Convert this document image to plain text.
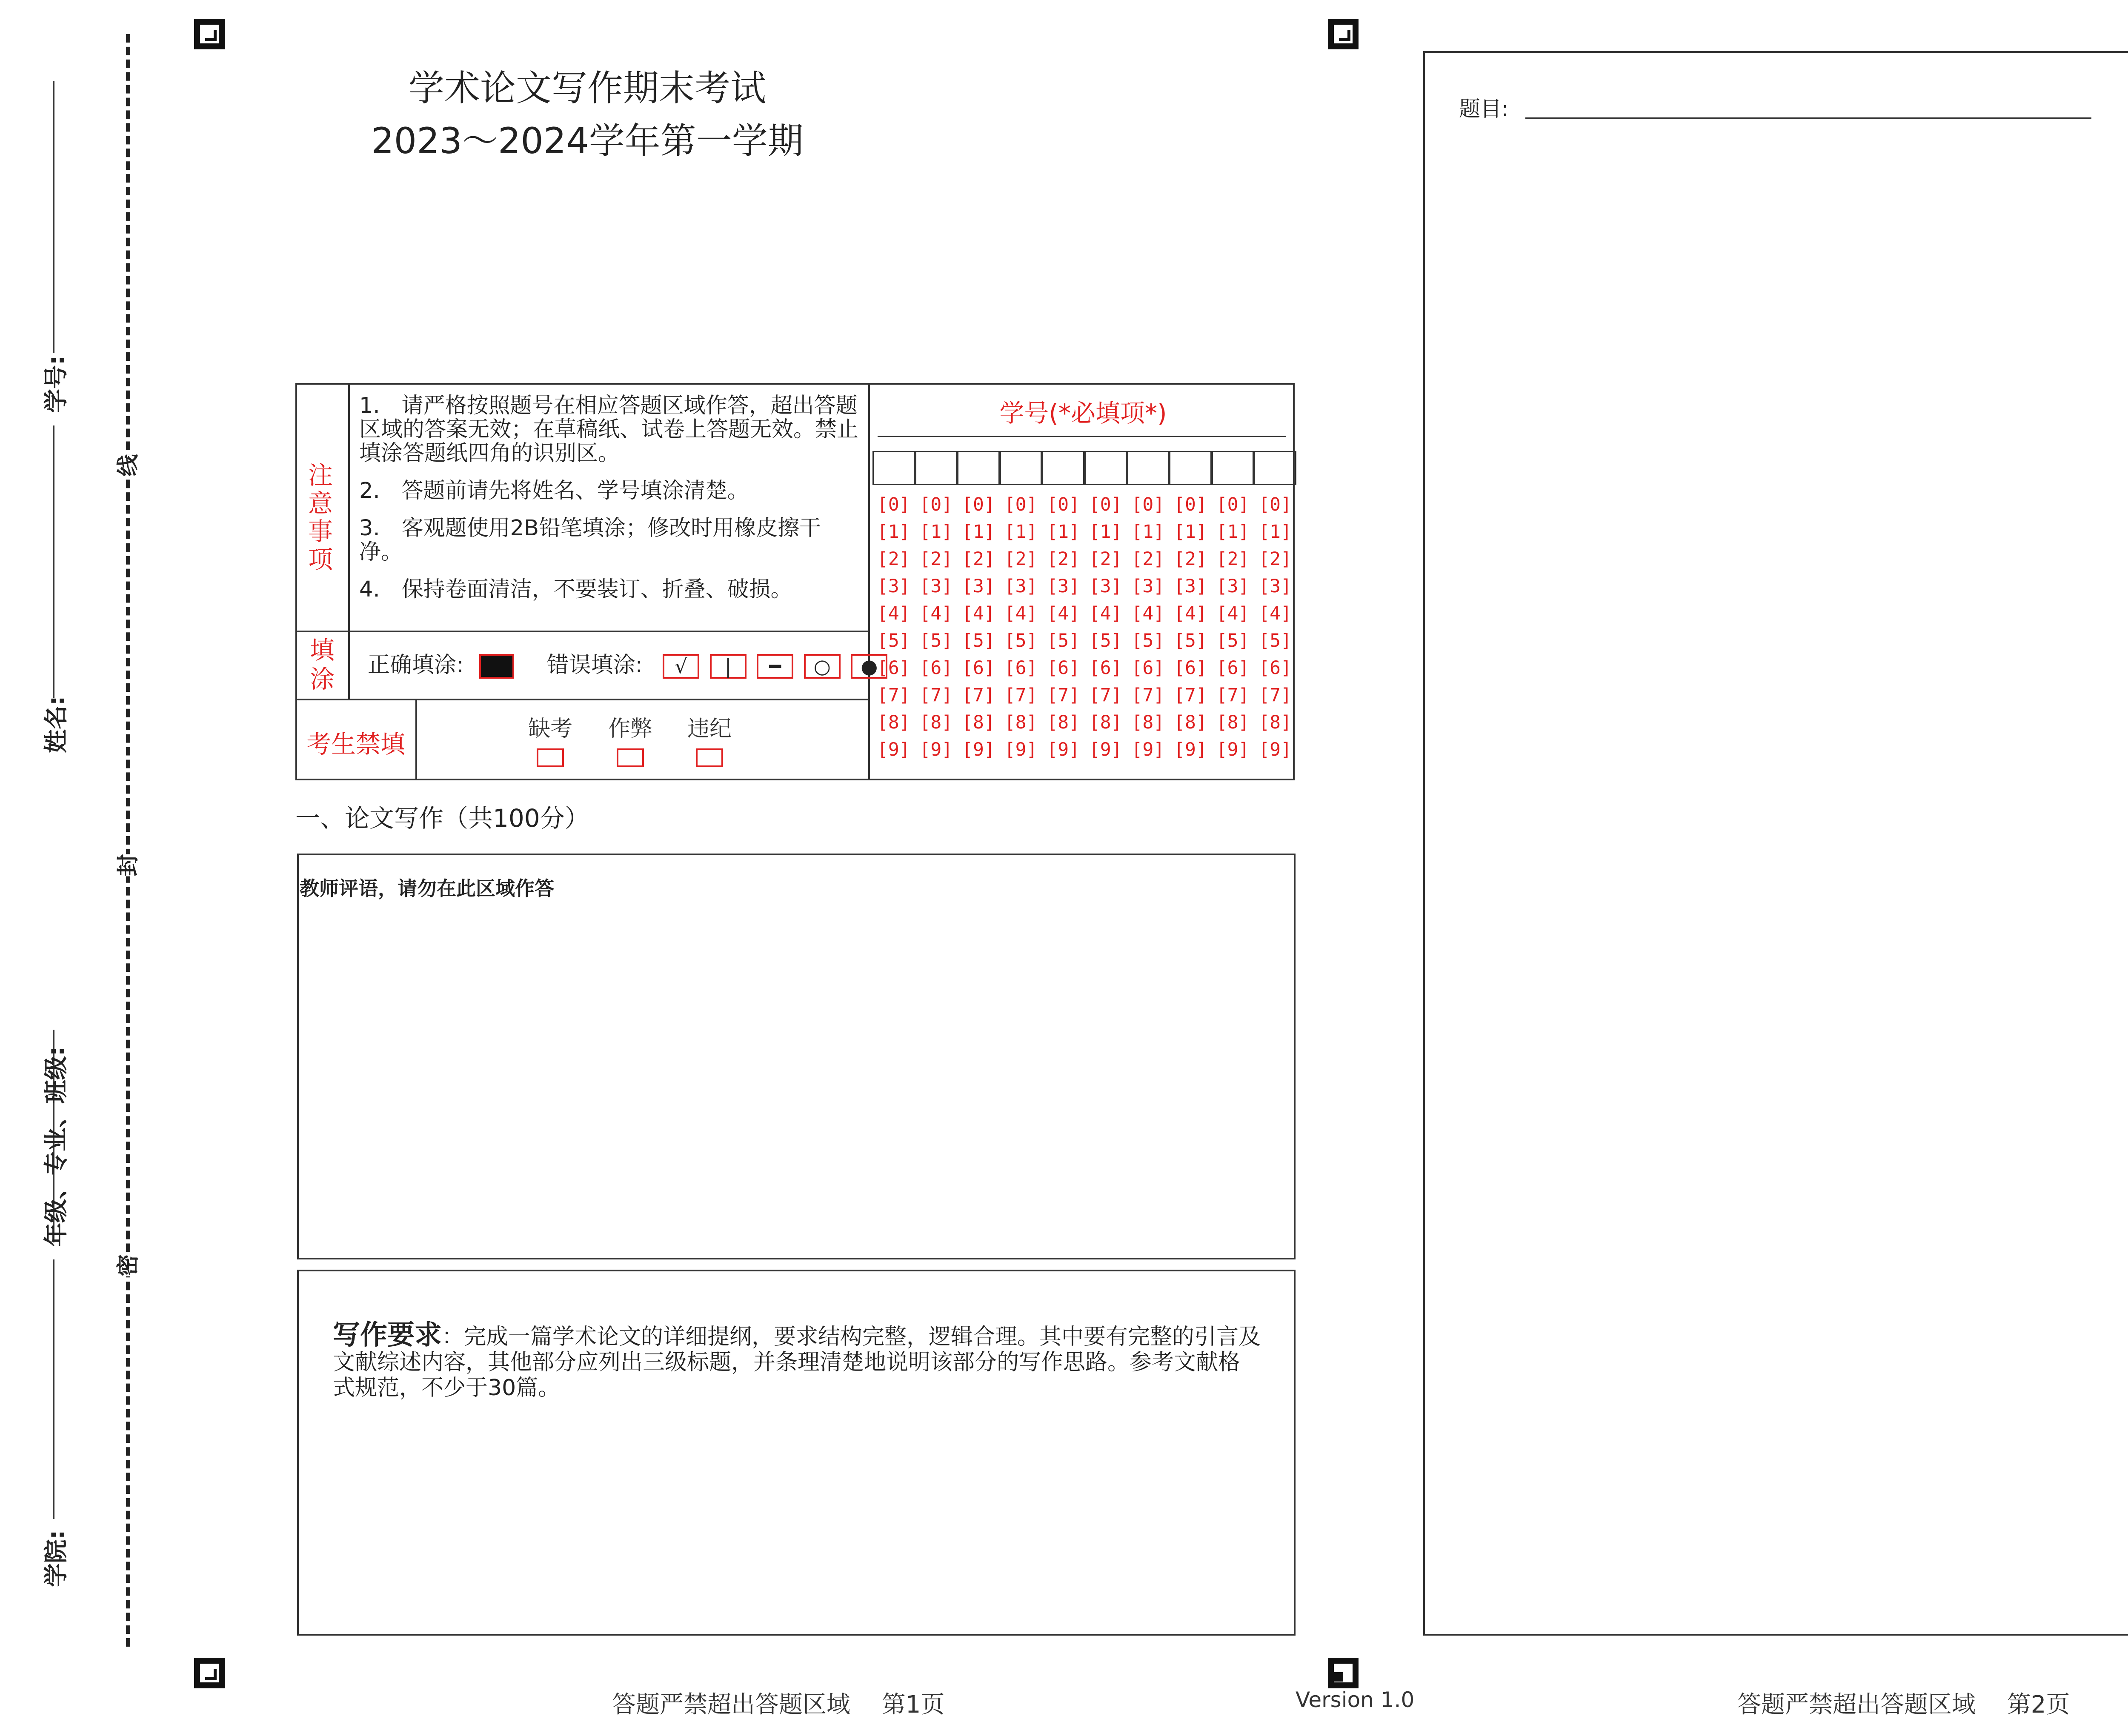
学号:
姓名:
年级、专业、班级:
学院:
线
封
密
学术论文写作期末考试
2023～2024学年第一学期
注意事项
1.　请严格按照题号在相应答题区域作答，超出答题区域的答案无效；在草稿纸、试卷上答题无效。禁止填涂答题纸四角的识别区。
2.　答题前请先将姓名、学号填涂清楚。
3.　客观题使用2B铅笔填涂；修改时用橡皮擦干净。
4.　保持卷面清洁，不要装订、折叠、破损。
填涂 正确填涂:	错误填涂: √ | ━ ○ ●
考生禁填
缺考 作弊 违纪
学号(*必填项*)
[0] [0] [0] [0] [0] [0] [0] [0] [0] [0]
[1] [1] [1] [1] [1] [1] [1] [1] [1] [1]
[2] [2] [2] [2] [2] [2] [2] [2] [2] [2]
[3] [3] [3] [3] [3] [3] [3] [3] [3] [3]
[4] [4] [4] [4] [4] [4] [4] [4] [4] [4]
[5] [5] [5] [5] [5] [5] [5] [5] [5] [5]
[6] [6] [6] [6] [6] [6] [6] [6] [6] [6]
[7] [7] [7] [7] [7] [7] [7] [7] [7] [7]
[8] [8] [8] [8] [8] [8] [8] [8] [8] [8]
[9] [9] [9] [9] [9] [9] [9] [9] [9] [9]
一、论文写作（共100分）
教师评语，请勿在此区域作答
写作要求：完成一篇学术论文的详细提纲，要求结构完整，逻辑合理。其中要有完整的引言及文献综述内容，其他部分应列出三级标题，并条理清楚地说明该部分的写作思路。参考文献格式规范，不少于30篇。
答题严禁超出答题区域　 第1页	Version 1.0
题目:
答题严禁超出答题区域　 第2页
